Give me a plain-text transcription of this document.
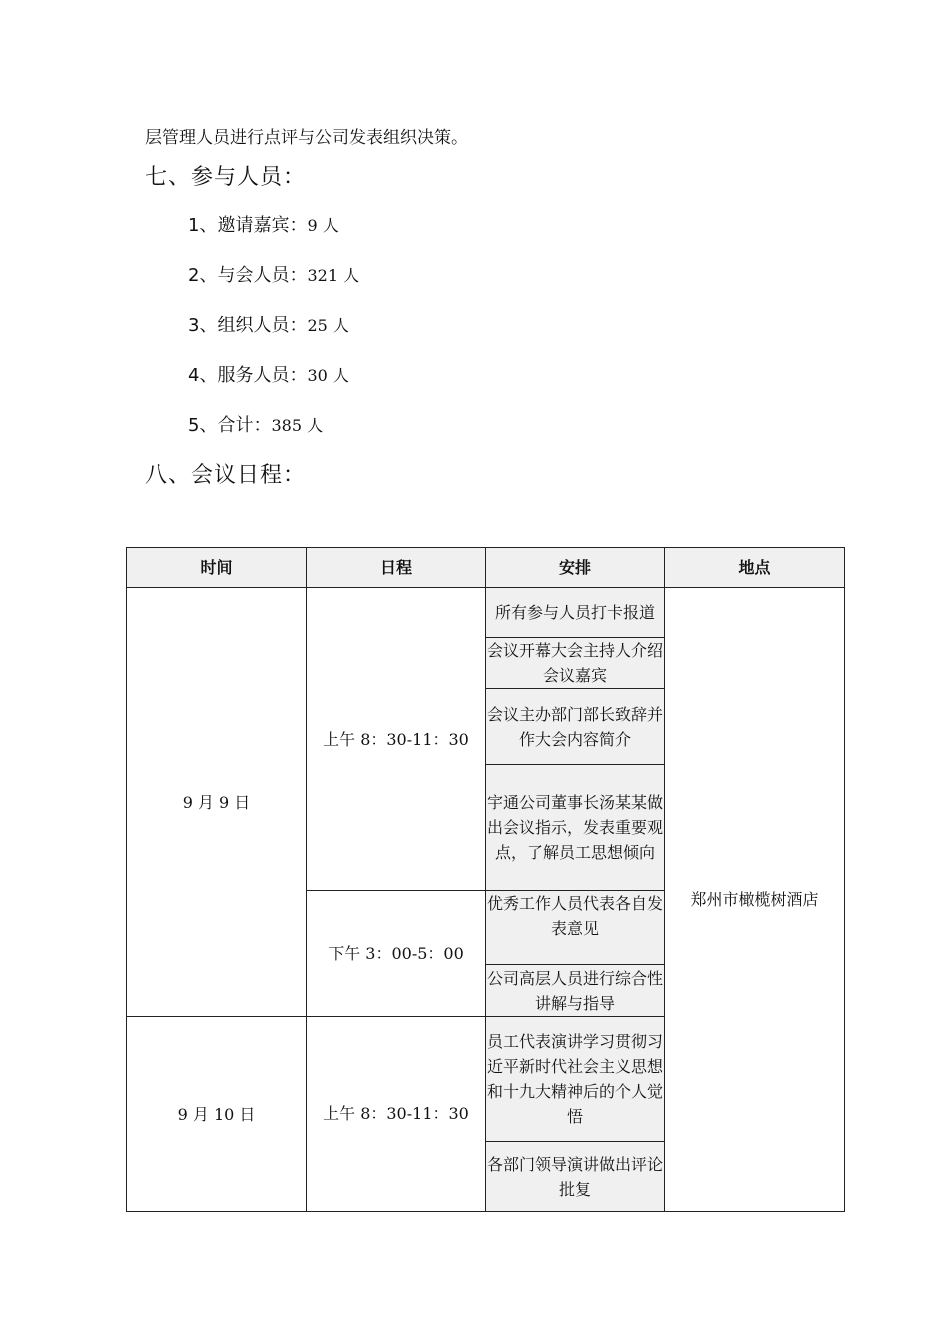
层管理人员进行点评与公司发表组织决策。
七、参与人员：
1、邀请嘉宾：9 人
2、与会人员：321 人
3、组织人员：25 人
4、服务人员：30 人
5、合计：385 人
八、会议日程：
时间	日程	安排	地点
9 月 9 日	上午 8：30-11：30	所有参与人员打卡报道	郑州市橄榄树酒店
		会议开幕大会主持人介绍会议嘉宾	
		会议主办部门部长致辞并作大会内容简介	
		宇通公司董事长汤某某做出会议指示，发表重要观点，了解员工思想倾向	
	下午 3：00-5：00	优秀工作人员代表各自发表意见	
		公司高层人员进行综合性讲解与指导	
9 月 10 日	上午 8：30-11：30	员工代表演讲学习贯彻习近平新时代社会主义思想和十九大精神后的个人觉悟	
		各部门领导演讲做出评论批复	
